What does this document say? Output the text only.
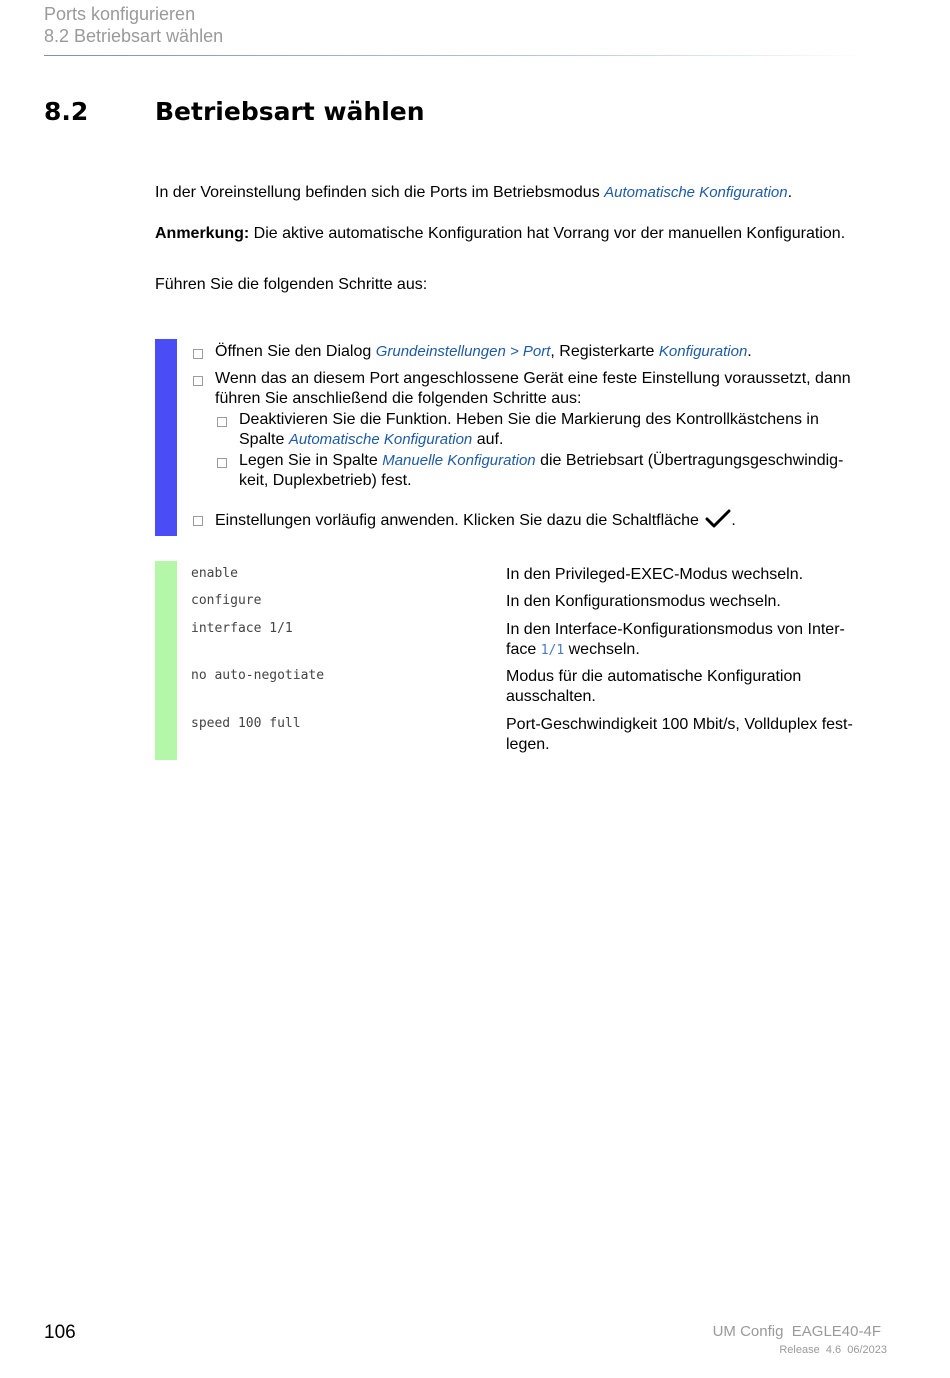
Ports konfigurieren
8.2 Betriebsart wählen
8.2	Betriebsart wählen
In der Voreinstellung befinden sich die Ports im Betriebsmodus Automatische Konfiguration.
Anmerkung: Die aktive automatische Konfiguration hat Vorrang vor der manuellen Konfiguration.
Führen Sie die folgenden Schritte aus:
Öffnen Sie den Dialog Grundeinstellungen > Port, Registerkarte Konfiguration.
Wenn das an diesem Port angeschlossene Gerät eine feste Einstellung voraussetzt, dann
führen Sie anschließend die folgenden Schritte aus:
Deaktivieren Sie die Funktion. Heben Sie die Markierung des Kontrollkästchens in
Spalte Automatische Konfiguration auf.
Legen Sie in Spalte Manuelle Konfiguration die Betriebsart (Übertragungsgeschwindig-
keit, Duplexbetrieb) fest.
Einstellungen vorläufig anwenden. Klicken Sie dazu die Schaltfläche .
enable	In den Privileged-EXEC-Modus wechseln.
configure	In den Konfigurationsmodus wechseln.
interface 1/1	In den Interface-Konfigurationsmodus von Inter-
face 1/1 wechseln.
no auto-negotiate	Modus für die automatische Konfiguration
ausschalten.
speed 100 full	Port-Geschwindigkeit 100 Mbit/s, Vollduplex fest-
legen.
106	UM Config  EAGLE40-4F
Release  4.6  06/2023
